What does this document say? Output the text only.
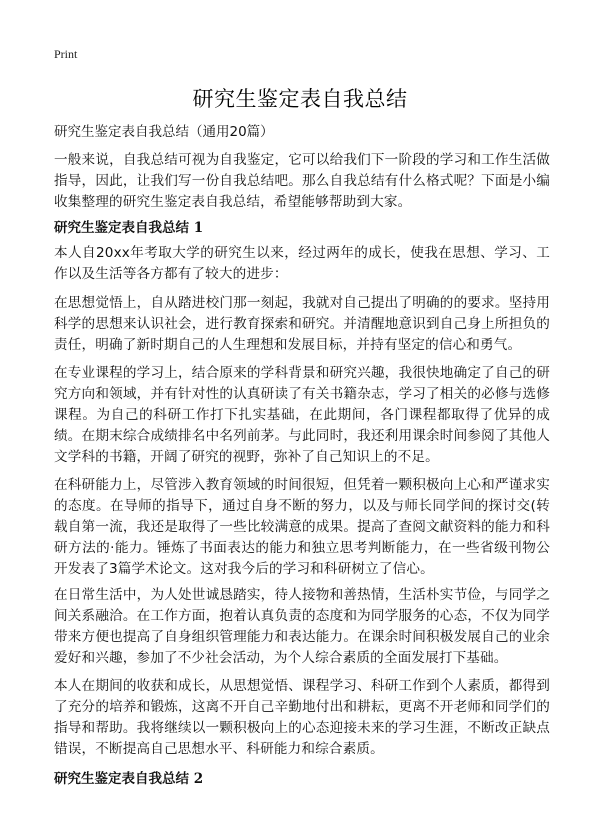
Print
研究生鉴定表自我总结

研究生鉴定表自我总结（通用20篇）

一般来说，自我总结可视为自我鉴定，它可以给我们下一阶段的学习和工作生活做指导，因此，让我们写一份自我总结吧。那么自我总结有什么格式呢？下面是小编收集整理的研究生鉴定表自我总结，希望能够帮助到大家。

研究生鉴定表自我总结 1

本人自20xx年考取大学的研究生以来，经过两年的成长，使我在思想、学习、工作以及生活等各方都有了较大的进步：

在思想觉悟上，自从踏进校门那一刻起，我就对自己提出了明确的的要求。坚持用科学的思想来认识社会，进行教育探索和研究。并清醒地意识到自己身上所担负的责任，明确了新时期自己的人生理想和发展目标，并持有坚定的信心和勇气。

在专业课程的学习上，结合原来的学科背景和研究兴趣，我很快地确定了自己的研究方向和领域，并有针对性的认真研读了有关书籍杂志，学习了相关的必修与选修课程。为自己的科研工作打下扎实基础，在此期间，各门课程都取得了优异的成绩。在期末综合成绩排名中名列前茅。与此同时，我还利用课余时间参阅了其他人文学科的书籍，开阔了研究的视野，弥补了自己知识上的不足。

在科研能力上，尽管涉入教育领域的时间很短，但凭着一颗积极向上心和严谨求实的态度。在导师的指导下，通过自身不断的努力，以及与师长同学间的探讨交(转载自第一流，我还是取得了一些比较满意的成果。提高了查阅文献资料的能力和科研方法的·能力。锤炼了书面表达的能力和独立思考判断能力，在一些省级刊物公开发表了3篇学术论文。这对我今后的学习和科研树立了信心。

在日常生活中，为人处世诚恳踏实，待人接物和善热情，生活朴实节俭，与同学之间关系融洽。在工作方面，抱着认真负责的态度和为同学服务的心态，不仅为同学带来方便也提高了自身组织管理能力和表达能力。在课余时间积极发展自己的业余爱好和兴趣，参加了不少社会活动，为个人综合素质的全面发展打下基础。

本人在期间的收获和成长，从思想觉悟、课程学习、科研工作到个人素质，都得到了充分的培养和锻炼，这离不开自己辛勤地付出和耕耘，更离不开老师和同学们的指导和帮助。我将继续以一颗积极向上的心态迎接未来的学习生涯，不断改正缺点错误，不断提高自己思想水平、科研能力和综合素质。

研究生鉴定表自我总结 2
